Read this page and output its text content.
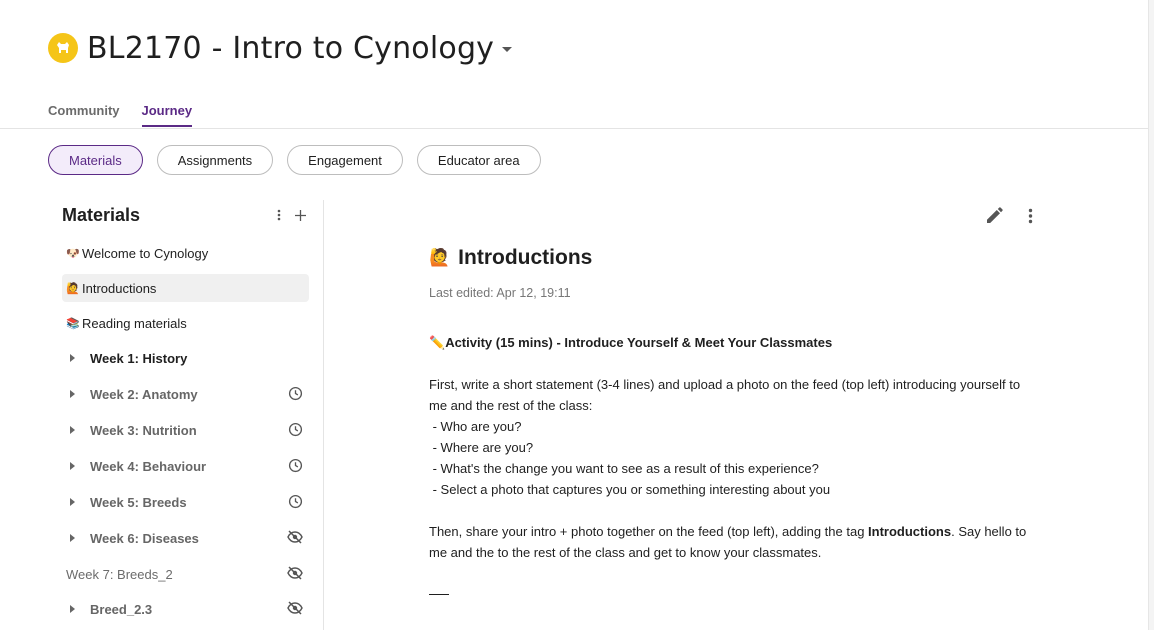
BL2170 - Intro to Cynology
Community Journey
Materials	Assignments	Engagement	Educator area
Materials
🐶 Welcome to Cynology
🙋 Introductions
📚 Reading materials
Week 1: History
Week 2: Anatomy
Week 3: Nutrition
Week 4: Behaviour
Week 5: Breeds
Week 6: Diseases
Week 7: Breeds_2
Breed_2.3
🙋 Introductions
Last edited: Apr 12, 19:11
✏️Activity (15 mins) - Introduce Yourself & Meet Your Classmates
First, write a short statement (3-4 lines) and upload a photo on the feed (top left) introducing yourself to me and the rest of the class:
- Who are you?
- Where are you?
- What's the change you want to see as a result of this experience?
- Select a photo that captures you or something interesting about you
Then, share your intro + photo together on the feed (top left), adding the tag Introductions. Say hello to me and the to the rest of the class and get to know your classmates.
